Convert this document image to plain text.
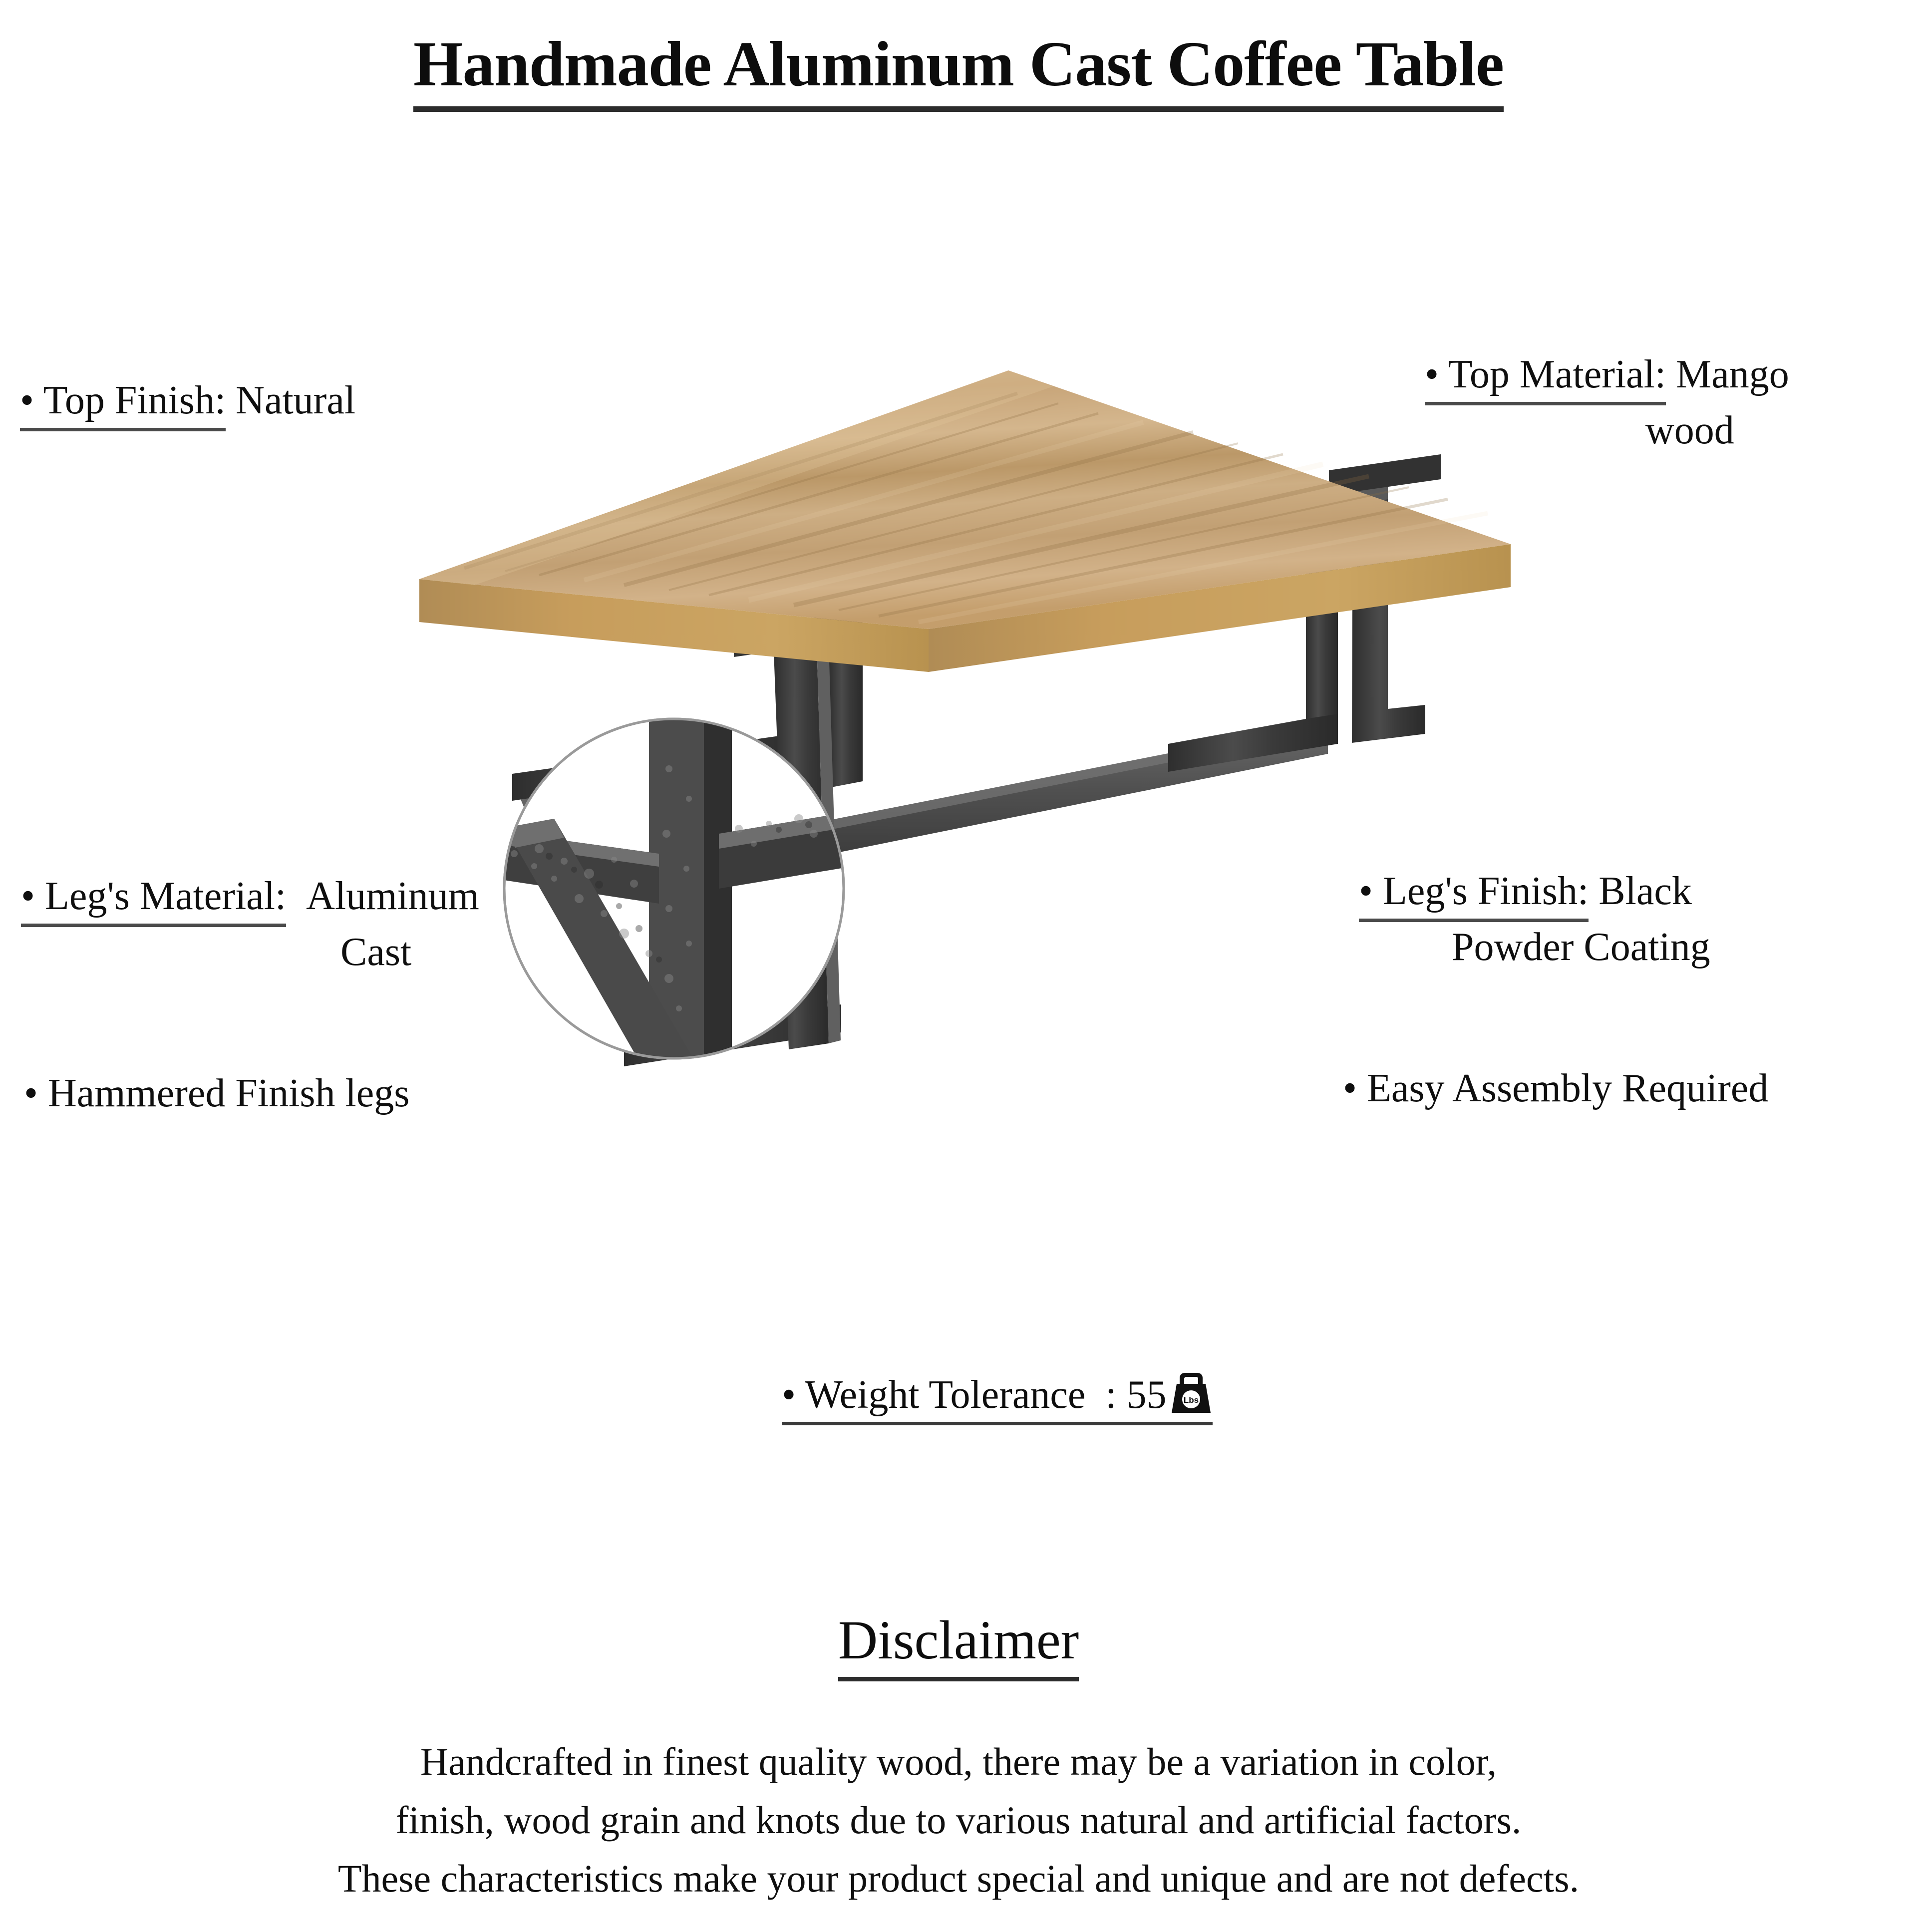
Handmade Aluminum Cast Coffee Table
• Top Finish: Natural
• Top Material: Mango
wood
• Leg's Material: Aluminum
Cast
• Hammered Finish legs
• Leg's Finish: Black
Powder Coating
• Easy Assembly Required
• Weight Tolerance : 55 Lbs
Disclaimer
Handcrafted in finest quality wood, there may be a variation in color,
finish, wood grain and knots due to various natural and artificial factors.
These characteristics make your product special and unique and are not defects.
